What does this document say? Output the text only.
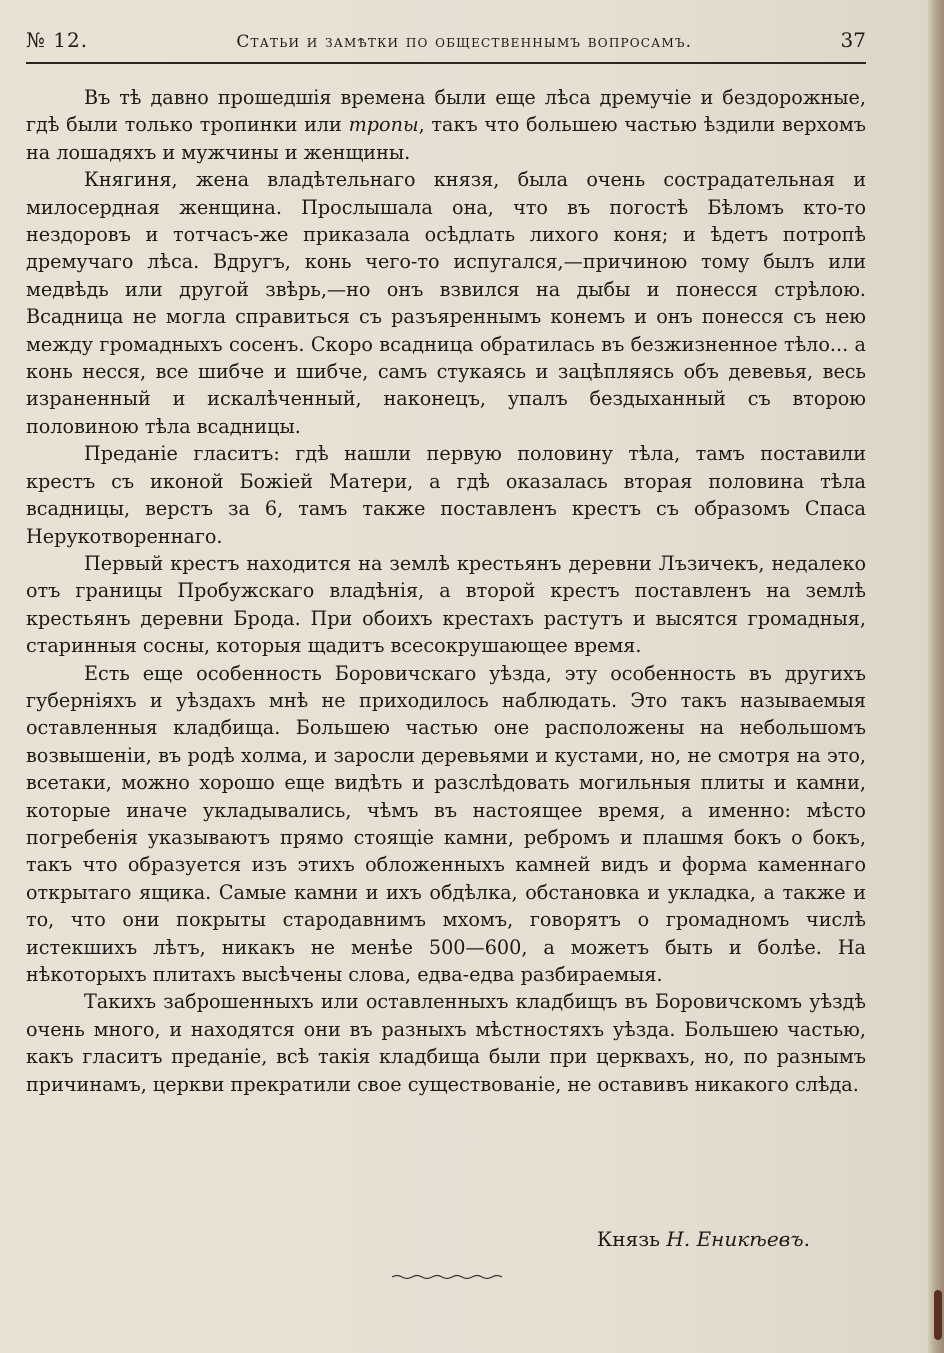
№ 12.	Статьи и замѣтки по общественнымъ вопросамъ.	37

Въ тѣ давно прошедшія времена были еще лѣса дремучіе и бездорожные, гдѣ были только тропинки или тропы, такъ что большею частью ѣздили верхомъ на лошадяхъ и мужчины и женщины.

Княгиня, жена владѣтельнаго князя, была очень сострадательная и милосердная женщина. Прослышала она, что въ погостѣ Бѣломъ кто-то нездоровъ и тотчасъ-же приказала осѣдлать лихого коня; и ѣдетъ потропѣ дремучаго лѣса. Вдругъ, конь чего-то испугался,—причиною тому былъ или медвѣдь или другой звѣрь,—но онъ взвился на дыбы и понесся стрѣлою. Всадница не могла справиться съ разъяреннымъ конемъ и онъ понесся съ нею между громадныхъ сосенъ. Скоро всадница обратилась въ безжизненное тѣло... а конь несся, все шибче и шибче, самъ стукаясь и зацѣпляясь объ девевья, весь израненный и искалѣченный, наконецъ, упалъ бездыханный съ второю половиною тѣла всадницы.

Преданіе гласитъ: гдѣ нашли первую половину тѣла, тамъ поставили крестъ съ иконой Божіей Матери, а гдѣ оказалась вторая половина тѣла всадницы, верстъ за 6, тамъ также поставленъ крестъ съ образомъ Спаса Нерукотвореннаго.

Первый крестъ находится на землѣ крестьянъ деревни Лъзичекъ, недалеко отъ границы Пробужскаго владѣнія, а второй крестъ поставленъ на землѣ крестьянъ деревни Брода. При обоихъ крестахъ растутъ и высятся громадныя, старинныя сосны, которыя щадитъ всесокрушающее время.

Есть еще особенность Боровичскаго уѣзда, эту особенность въ другихъ губерніяхъ и уѣздахъ мнѣ не приходилось наблюдать. Это такъ называемыя оставленныя кладбища. Большею частью оне расположены на небольшомъ возвышеніи, въ родѣ холма, и заросли деревьями и кустами, но, не смотря на это, всетаки, можно хорошо еще видѣть и разслѣдовать могильныя плиты и камни, которые иначе укладывались, чѣмъ въ настоящее время, а именно: мѣсто погребенія указываютъ прямо стоящіе камни, ребромъ и плашмя бокъ о бокъ, такъ что образуется изъ этихъ обложенныхъ камней видъ и форма каменнаго открытаго ящика. Самые камни и ихъ обдѣлка, обстановка и укладка, а также и то, что они покрыты стародавнимъ мхомъ, говорятъ о громадномъ числѣ истекшихъ лѣтъ, никакъ не менѣе 500—600, а можетъ быть и болѣе. На нѣкоторыхъ плитахъ высѣчены слова, едва-едва разбираемыя.

Такихъ заброшенныхъ или оставленныхъ кладбищъ въ Боровичскомъ уѣздѣ очень много, и находятся они въ разныхъ мѣстностяхъ уѣзда. Большею частью, какъ гласитъ преданіе, всѣ такія кладбища были при церквахъ, но, по разнымъ причинамъ, церкви прекратили свое существованіе, не оставивъ никакого слѣда.

Князь Н. Еникѣевъ.
